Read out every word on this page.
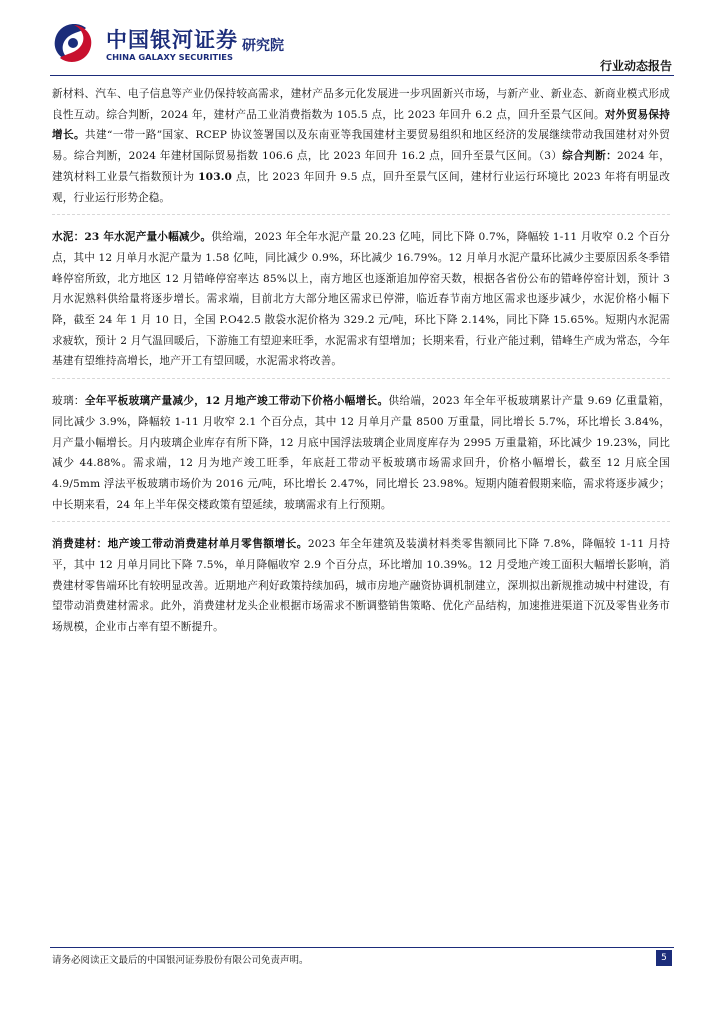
中国银河证券
CHINA GALAXY SECURITIES
研究院
行业动态报告

新材料、汽车、电子信息等产业仍保持较高需求，建材产品多元化发展进一步巩固新兴市场，与新产业、新业态、新商业模式形成良性互动。综合判断，2024 年，建材产品工业消费指数为 105.5 点，比 2023 年回升 6.2 点，回升至景气区间。对外贸易保持增长。共建“一带一路”国家、RCEP 协议签署国以及东南亚等我国建材主要贸易组织和地区经济的发展继续带动我国建材对外贸易。综合判断，2024 年建材国际贸易指数 106.6 点，比 2023 年回升 16.2 点，回升至景气区间。（3）综合判断：2024 年，建筑材料工业景气指数预计为 103.0 点，比 2023 年回升 9.5 点，回升至景气区间，建材行业运行环境比 2023 年将有明显改观，行业运行形势企稳。

水泥：23 年水泥产量小幅减少。供给端，2023 年全年水泥产量 20.23 亿吨，同比下降 0.7%，降幅较 1-11 月收窄 0.2 个百分点，其中 12 月单月水泥产量为 1.58 亿吨，同比减少 0.9%，环比减少 16.79%。12 月单月水泥产量环比减少主要原因系冬季错峰停窑所致，北方地区 12 月错峰停窑率达 85%以上，南方地区也逐渐追加停窑天数，根据各省份公布的错峰停窑计划，预计 3 月水泥熟料供给量将逐步增长。需求端，目前北方大部分地区需求已停滞，临近春节南方地区需求也逐步减少，水泥价格小幅下降，截至 24 年 1 月 10 日，全国 P.O42.5 散袋水泥价格为 329.2 元/吨，环比下降 2.14%，同比下降 15.65%。短期内水泥需求疲软，预计 2 月气温回暖后，下游施工有望迎来旺季，水泥需求有望增加；长期来看，行业产能过剩，错峰生产成为常态，今年基建有望维持高增长，地产开工有望回暖，水泥需求将改善。

玻璃：全年平板玻璃产量减少，12 月地产竣工带动下价格小幅增长。供给端，2023 年全年平板玻璃累计产量 9.69 亿重量箱，同比减少 3.9%，降幅较 1-11 月收窄 2.1 个百分点，其中 12 月单月产量 8500 万重量，同比增长 5.7%，环比增长 3.84%，月产量小幅增长。月内玻璃企业库存有所下降，12 月底中国浮法玻璃企业周度库存为 2995 万重量箱，环比减少 19.23%，同比减少 44.88%。需求端，12 月为地产竣工旺季，年底赶工带动平板玻璃市场需求回升，价格小幅增长，截至 12 月底全国 4.9/5mm 浮法平板玻璃市场价为 2016 元/吨，环比增长 2.47%，同比增长 23.98%。短期内随着假期来临，需求将逐步减少；中长期来看，24 年上半年保交楼政策有望延续，玻璃需求有上行预期。

消费建材：地产竣工带动消费建材单月零售额增长。2023 年全年建筑及装潢材料类零售额同比下降 7.8%，降幅较 1-11 月持平，其中 12 月单月同比下降 7.5%，单月降幅收窄 2.9 个百分点，环比增加 10.39%。12 月受地产竣工面积大幅增长影响，消费建材零售端环比有较明显改善。近期地产利好政策持续加码，城市房地产融资协调机制建立，深圳拟出新规推动城中村建设，有望带动消费建材需求。此外，消费建材龙头企业根据市场需求不断调整销售策略、优化产品结构，加速推进渠道下沉及零售业务市场规模，企业市占率有望不断提升。

请务必阅读正文最后的中国银河证券股份有限公司免责声明。	5
